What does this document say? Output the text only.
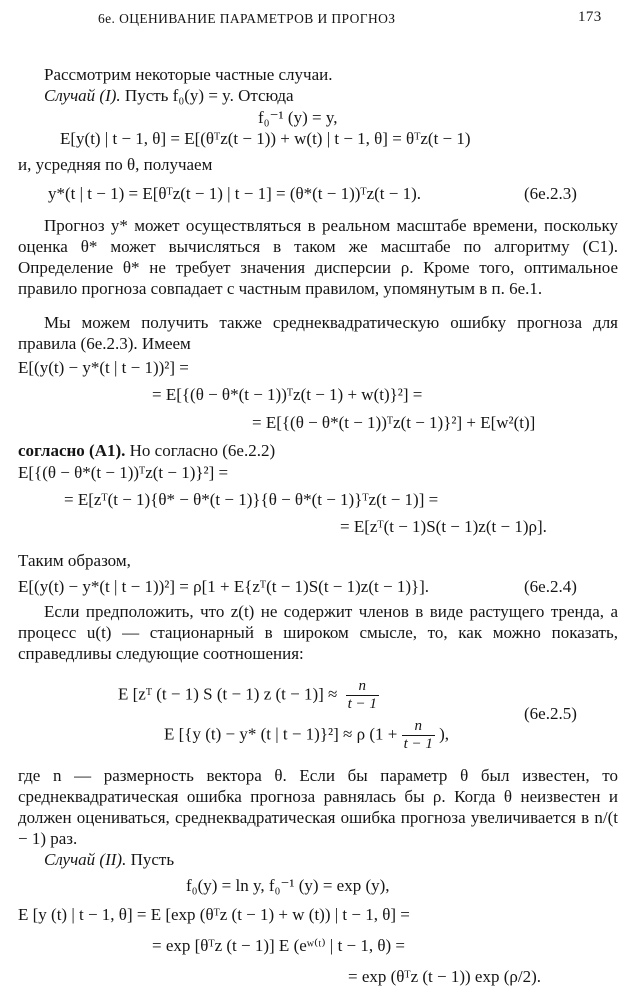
6е. ОЦЕНИВАНИЕ ПАРАМЕТРОВ И ПРОГНОЗ	173
Рассмотрим некоторые частные случаи.
Случай (I). Пусть f₀(y) = y. Отсюда
f₀⁻¹ (y) = y,
E[y(t) | t − 1, θ] = E[(θᵀz(t − 1)) + w(t) | t − 1, θ] = θᵀz(t − 1)
и, усредняя по θ, получаем
y*(t | t − 1) = E[θᵀz(t − 1) | t − 1] = (θ*(t − 1))ᵀz(t − 1).	(6е.2.3)
Прогноз y* может осуществляться в реальном масштабе времени, поскольку оценка θ* может вычисляться в таком же масштабе по алгоритму (C1). Определение θ* не требует значения дисперсии ρ. Кроме того, оптимальное правило прогноза совпадает с частным правилом, упомянутым в п. 6е.1.
Мы можем получить также среднеквадратическую ошибку прогноза для правила (6е.2.3). Имеем
E[(y(t) − y*(t | t − 1))²] =
= E[{(θ − θ*(t − 1))ᵀz(t − 1) + w(t)}²] =
= E[{(θ − θ*(t − 1))ᵀz(t − 1)}²] + E[w²(t)]
согласно (A1). Но согласно (6е.2.2)
E[{(θ − θ*(t − 1))ᵀz(t − 1)}²] =
= E[zᵀ(t − 1){θ* − θ*(t − 1)}{θ − θ*(t − 1)}ᵀz(t − 1)] =
= E[zᵀ(t − 1)S(t − 1)z(t − 1)ρ].
Таким образом,
E[(y(t) − y*(t | t − 1))²] = ρ[1 + E{zᵀ(t − 1)S(t − 1)z(t − 1)}].	(6е.2.4)
Если предположить, что z(t) не содержит членов в виде растущего тренда, а процесс u(t) — стационарный в широком смысле, то, как можно показать, справедливы следующие соотношения:
E [zᵀ (t − 1) S (t − 1) z $(t - 1)] \approx \frac{n}{t - 1}$
E [{y (t) − y* (t | t − 1)}²] ≈ ρ ($1 + \frac{n}{t - 1}$ ),
(6е.2.5)
где n — размерность вектора θ. Если бы параметр θ был известен, то среднеквадратическая ошибка прогноза равнялась бы ρ. Когда θ неизвестен и должен оцениваться, среднеквадратическая ошибка прогноза увеличивается в n/(t − 1) раз.
Случай (II). Пусть
f₀(y) = ln y, f₀⁻¹ (y) = exp (y),
E [y (t) | t − 1, θ] = E [exp (θᵀz (t − 1) + w (t)) | t − 1, θ] =
= exp [θᵀz (t − 1)] E (eʷ⁽ᵗ⁾ | t − 1, θ) =
= exp (θᵀz (t − 1)) exp (ρ/2).
